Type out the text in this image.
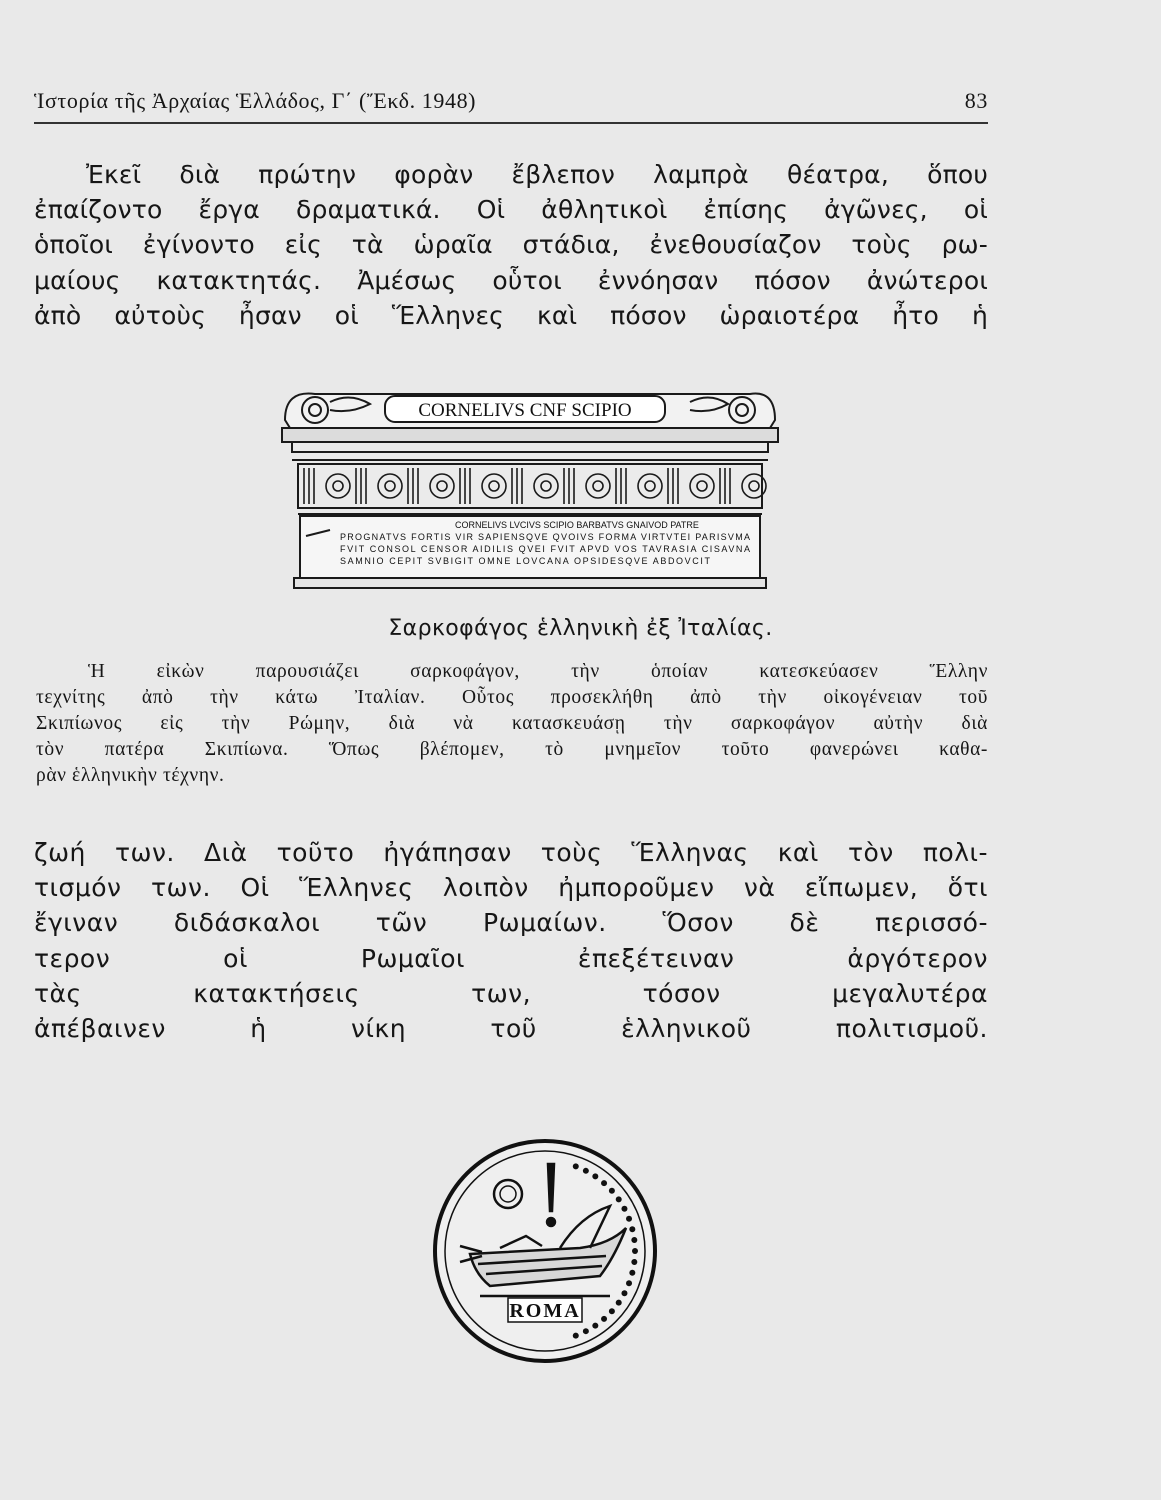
Ἱστορία τῆς Ἀρχαίας Ἑλλάδος, Γ΄ (Ἔκδ. 1948)	83

Ἐκεῖ διὰ πρώτην φορὰν ἔβλεπον λαμπρὰ θέατρα, ὅπου
ἐπαίζοντο ἔργα δραματικά. Οἱ ἀθλητικοὶ ἐπίσης ἀγῶνες, οἱ
ὁποῖοι ἐγίνοντο εἰς τὰ ὡραῖα στάδια, ἐνεθουσίαζον τοὺς ρω-
μαίους κατακτητάς. Ἀμέσως οὗτοι ἐννόησαν πόσον ἀνώτεροι
ἀπὸ αὐτοὺς ἦσαν οἱ Ἕλληνες καὶ πόσον ὡραιοτέρα ἦτο ἡ

CORNELIVS CNF SCIPIO
CORNELIVS LVCIVS SCIPIO BARBATVS GNAIVOD PATRE
PROGNATVS FORTIS VIR SAPIENSQVE QVOIVS FORMA VIRTVTEI PARISVMA
FVIT CONSOL CENSOR AIDILIS QVEI FVIT APVD VOS TAVRASIA CISAVNA
SAMNIO CEPIT SVBIGIT OMNE LOVCANA OPSIDESQVE ABDOVCIT
Σαρκοφάγος ἑλληνικὴ ἐξ Ἰταλίας.

Ἡ εἰκὼν παρουσιάζει σαρκοφάγον, τὴν ὁποίαν κατεσκεύασεν Ἕλλην
τεχνίτης ἀπὸ τὴν κάτω Ἰταλίαν. Οὗτος προσεκλήθη ἀπὸ τὴν οἰκογένειαν τοῦ
Σκιπίωνος εἰς τὴν Ρώμην, διὰ νὰ κατασκευάσῃ τὴν σαρκοφάγον αὐτὴν διὰ
τὸν πατέρα Σκιπίωνα. Ὅπως βλέπομεν, τὸ μνημεῖον τοῦτο φανερώνει καθα-
ρὰν ἑλληνικὴν τέχνην.

ζωή των. Διὰ τοῦτο ἠγάπησαν τοὺς Ἕλληνας καὶ τὸν πολι-
τισμόν των. Οἱ Ἕλληνες λοιπὸν ἠμποροῦμεν νὰ εἴπωμεν, ὅτι
ἔγιναν διδάσκαλοι τῶν Ρωμαίων. Ὅσον δὲ περισσό-
τερον οἱ Ρωμαῖοι ἐπεξέτειναν ἀργότερον
τὰς κατακτήσεις των, τόσον μεγαλυτέρα
ἀπέβαινεν ἡ νίκη τοῦ ἑλληνικοῦ πολιτισμοῦ.

ROMA
